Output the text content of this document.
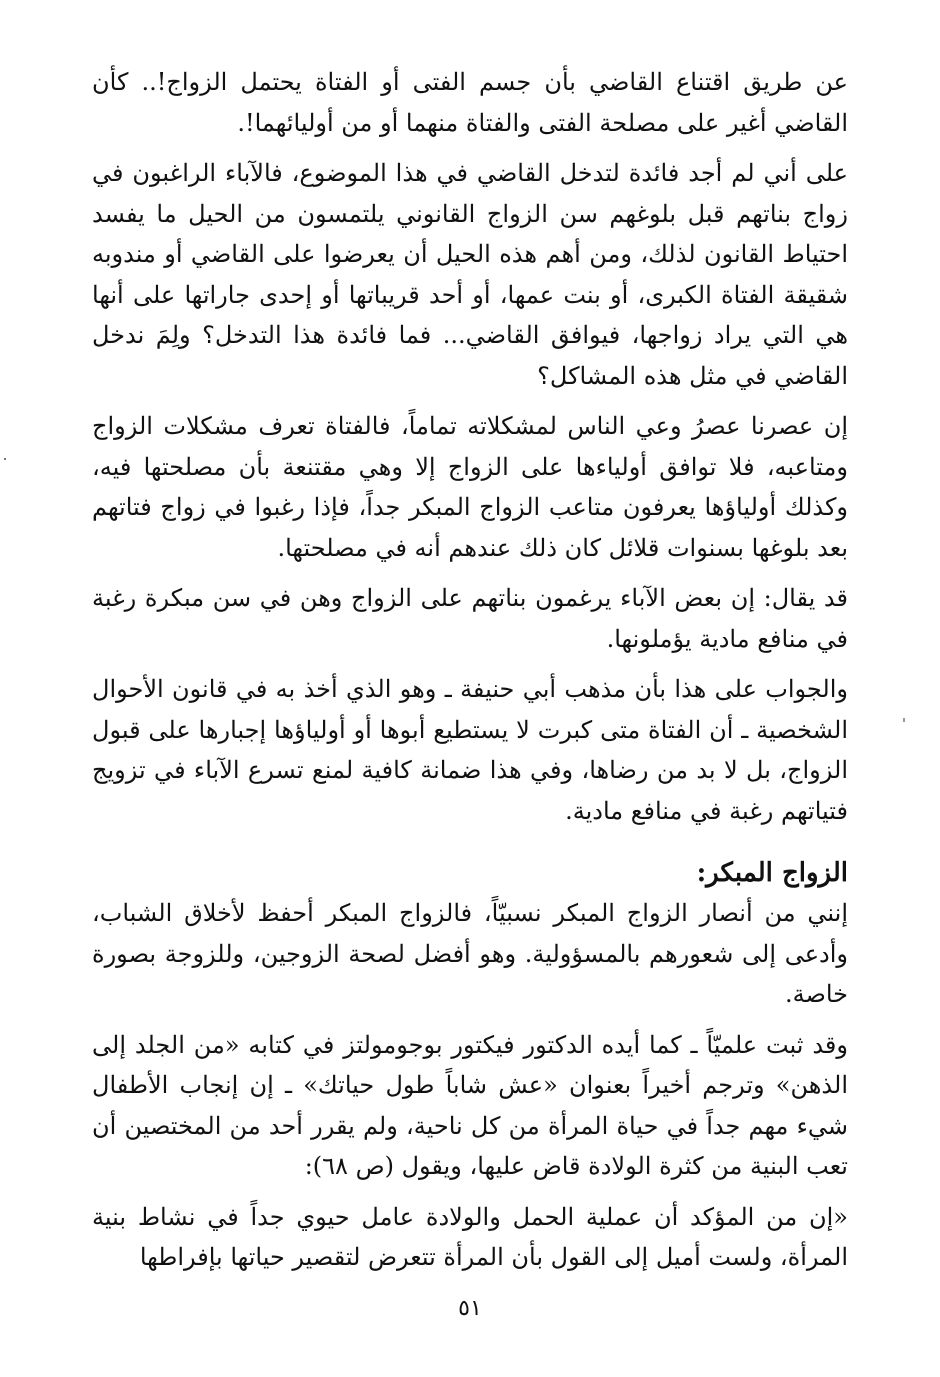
عن طريق اقتناع القاضي بأن جسم الفتى أو الفتاة يحتمل الزواج!.. كأن القاضي أغير على مصلحة الفتى والفتاة منهما أو من أوليائهما!.

على أني لم أجد فائدة لتدخل القاضي في هذا الموضوع، فالآباء الراغبون في زواج بناتهم قبل بلوغهم سن الزواج القانوني يلتمسون من الحيل ما يفسد احتياط القانون لذلك، ومن أهم هذه الحيل أن يعرضوا على القاضي أو مندوبه شقيقة الفتاة الكبرى، أو بنت عمها، أو أحد قريباتها أو إحدى جاراتها على أنها هي التي يراد زواجها، فيوافق القاضي... فما فائدة هذا التدخل؟ ولِمَ ندخل القاضي في مثل هذه المشاكل؟

إن عصرنا عصرُ وعي الناس لمشكلاته تماماً، فالفتاة تعرف مشكلات الزواج ومتاعبه، فلا توافق أولياءها على الزواج إلا وهي مقتنعة بأن مصلحتها فيه، وكذلك أولياؤها يعرفون متاعب الزواج المبكر جداً، فإذا رغبوا في زواج فتاتهم بعد بلوغها بسنوات قلائل كان ذلك عندهم أنه في مصلحتها.

قد يقال: إن بعض الآباء يرغمون بناتهم على الزواج وهن في سن مبكرة رغبة في منافع مادية يؤملونها.

والجواب على هذا بأن مذهب أبي حنيفة ـ وهو الذي أخذ به في قانون الأحوال الشخصية ـ أن الفتاة متى كبرت لا يستطيع أبوها أو أولياؤها إجبارها على قبول الزواج، بل لا بد من رضاها، وفي هذا ضمانة كافية لمنع تسرع الآباء في تزويج فتياتهم رغبة في منافع مادية.

الزواج المبكر:

إنني من أنصار الزواج المبكر نسبيّاً، فالزواج المبكر أحفظ لأخلاق الشباب، وأدعى إلى شعورهم بالمسؤولية. وهو أفضل لصحة الزوجين، وللزوجة بصورة خاصة.

وقد ثبت علميّاً ـ كما أيده الدكتور فيكتور بوجومولتز في كتابه «من الجلد إلى الذهن» وترجم أخيراً بعنوان «عش شاباً طول حياتك» ـ إن إنجاب الأطفال شيء مهم جداً في حياة المرأة من كل ناحية، ولم يقرر أحد من المختصين أن تعب البنية من كثرة الولادة قاض عليها، ويقول (ص ٦٨):

«إن من المؤكد أن عملية الحمل والولادة عامل حيوي جداً في نشاط بنية المرأة، ولست أميل إلى القول بأن المرأة تتعرض لتقصير حياتها بإفراطها

٥١
